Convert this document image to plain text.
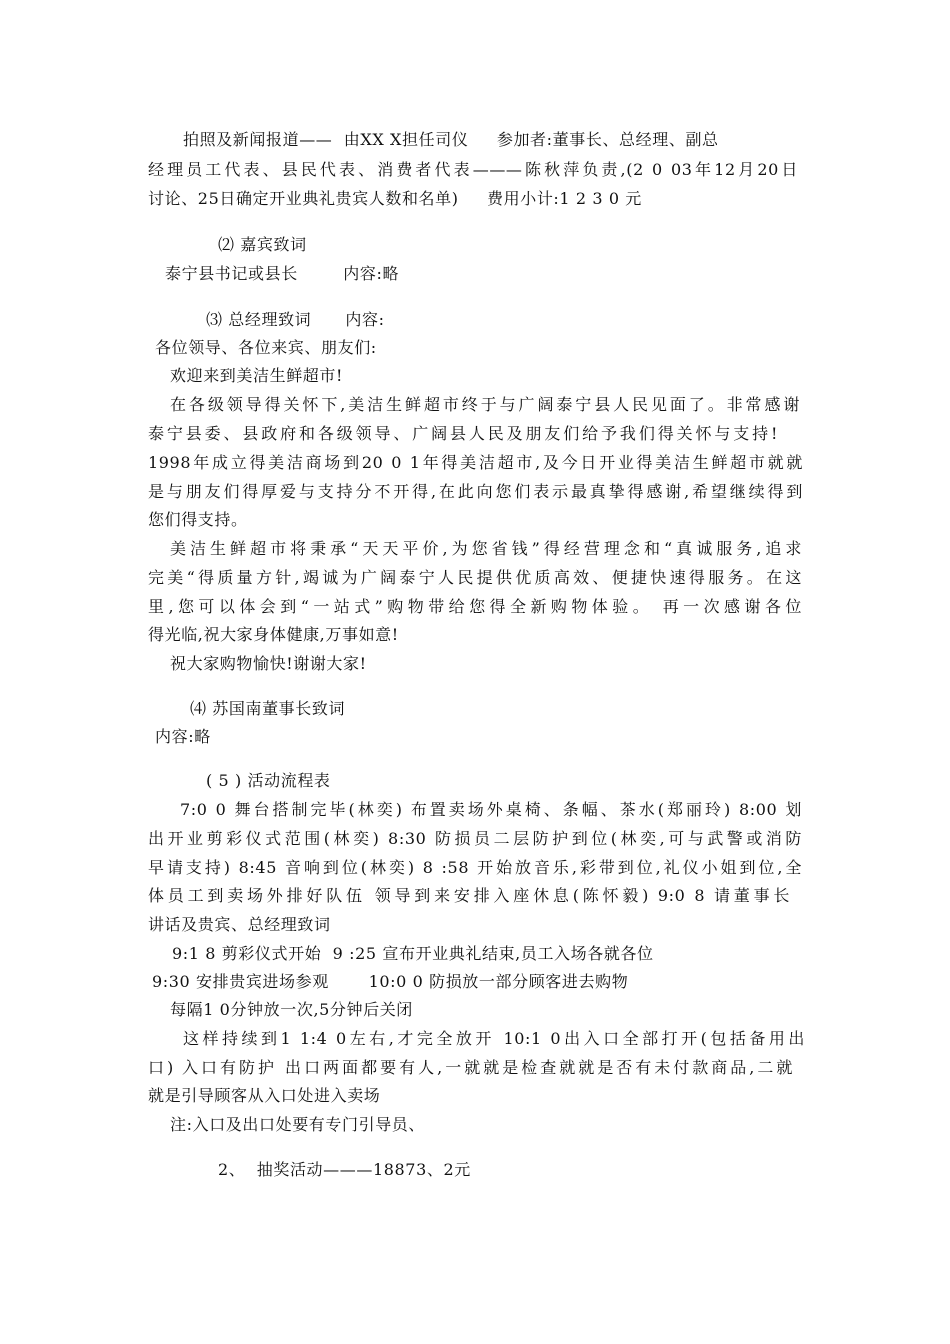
拍照及新闻报道——  由XX X担任司仪     参加者:董事长、总经理、副总
经理员工代表、县民代表、消费者代表———陈秋萍负责,(2 0 03年12月20日
讨论、25日确定开业典礼贵宾人数和名单)     费用小计:1 2 3 0 元
⑵ 嘉宾致词
泰宁县书记或县长        内容:略
⑶ 总经理致词      内容:
各位领导、各位来宾、朋友们:
欢迎来到美洁生鲜超市!
在各级领导得关怀下,美洁生鲜超市终于与广阔泰宁县人民见面了。非常感谢
泰宁县委、县政府和各级领导、广阔县人民及朋友们给予我们得关怀与支持!
1998年成立得美洁商场到20 0 1年得美洁超市,及今日开业得美洁生鲜超市就就
是与朋友们得厚爱与支持分不开得,在此向您们表示最真挚得感谢,希望继续得到
您们得支持。
美洁生鲜超市将秉承“天天平价,为您省钱”得经营理念和“真诚服务,追求
完美“得质量方针,竭诚为广阔泰宁人民提供优质高效、便捷快速得服务。在这
里,您可以体会到“一站式”购物带给您得全新购物体验。 再一次感谢各位
得光临,祝大家身体健康,万事如意!
祝大家购物愉快!谢谢大家!
⑷ 苏国南董事长致词
内容:略
( 5 ) 活动流程表
7:0 0 舞台搭制完毕(林奕) 布置卖场外桌椅、条幅、茶水(郑丽玲) 8:00 划
出开业剪彩仪式范围(林奕) 8:30 防损员二层防护到位(林奕,可与武警或消防
早请支持) 8:45 音响到位(林奕) 8 :58 开始放音乐,彩带到位,礼仪小姐到位,全
体员工到卖场外排好队伍 领导到来安排入座休息(陈怀毅) 9:0 8 请董事长
讲话及贵宾、总经理致词
9:1 8 剪彩仪式开始  9 :25 宣布开业典礼结束,员工入场各就各位
9:30 安排贵宾进场参观       10:0 0 防损放一部分顾客进去购物
每隔1 0分钟放一次,5分钟后关闭
这样持续到1 1:4 0左右,才完全放开 10:1 0出入口全部打开(包括备用出
口) 入口有防护 出口两面都要有人,一就就是检查就就是否有未付款商品,二就
就是引导顾客从入口处进入卖场
注:入口及出口处要有专门引导员、
2、  抽奖活动———18873、2元
